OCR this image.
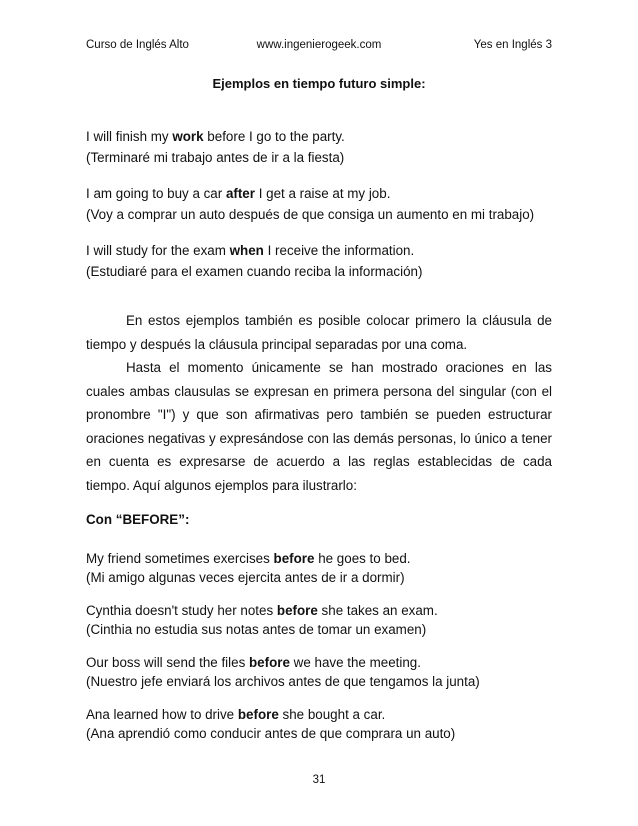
Curso de Inglés Alto	www.ingenierogeek.com	Yes en Inglés 3
Ejemplos en tiempo futuro simple:
I will finish my work before I go to the party.
(Terminaré mi trabajo antes de ir a la fiesta)
I am going to buy a car after I get a raise at my job.
(Voy a comprar un auto después de que consiga un aumento en mi trabajo)
I will study for the exam when I receive the information.
(Estudiaré para el examen cuando reciba la información)
En estos ejemplos también es posible colocar primero la cláusula de tiempo y después la cláusula principal separadas por una coma.
Hasta el momento únicamente se han mostrado oraciones en las cuales ambas clausulas se expresan en primera persona del singular (con el pronombre "I") y que son afirmativas pero también se pueden estructurar oraciones negativas y expresándose con las demás personas, lo único a tener en cuenta es expresarse de acuerdo a las reglas establecidas de cada tiempo. Aquí algunos ejemplos para ilustrarlo:
Con “BEFORE”:
My friend sometimes exercises before he goes to bed.
(Mi amigo algunas veces ejercita antes de ir a dormir)
Cynthia doesn't study her notes before she takes an exam.
(Cinthia no estudia sus notas antes de tomar un examen)
Our boss will send the files before we have the meeting.
(Nuestro jefe enviará los archivos antes de que tengamos la junta)
Ana learned how to drive before she bought a car.
(Ana aprendió como conducir antes de que comprara un auto)
31
